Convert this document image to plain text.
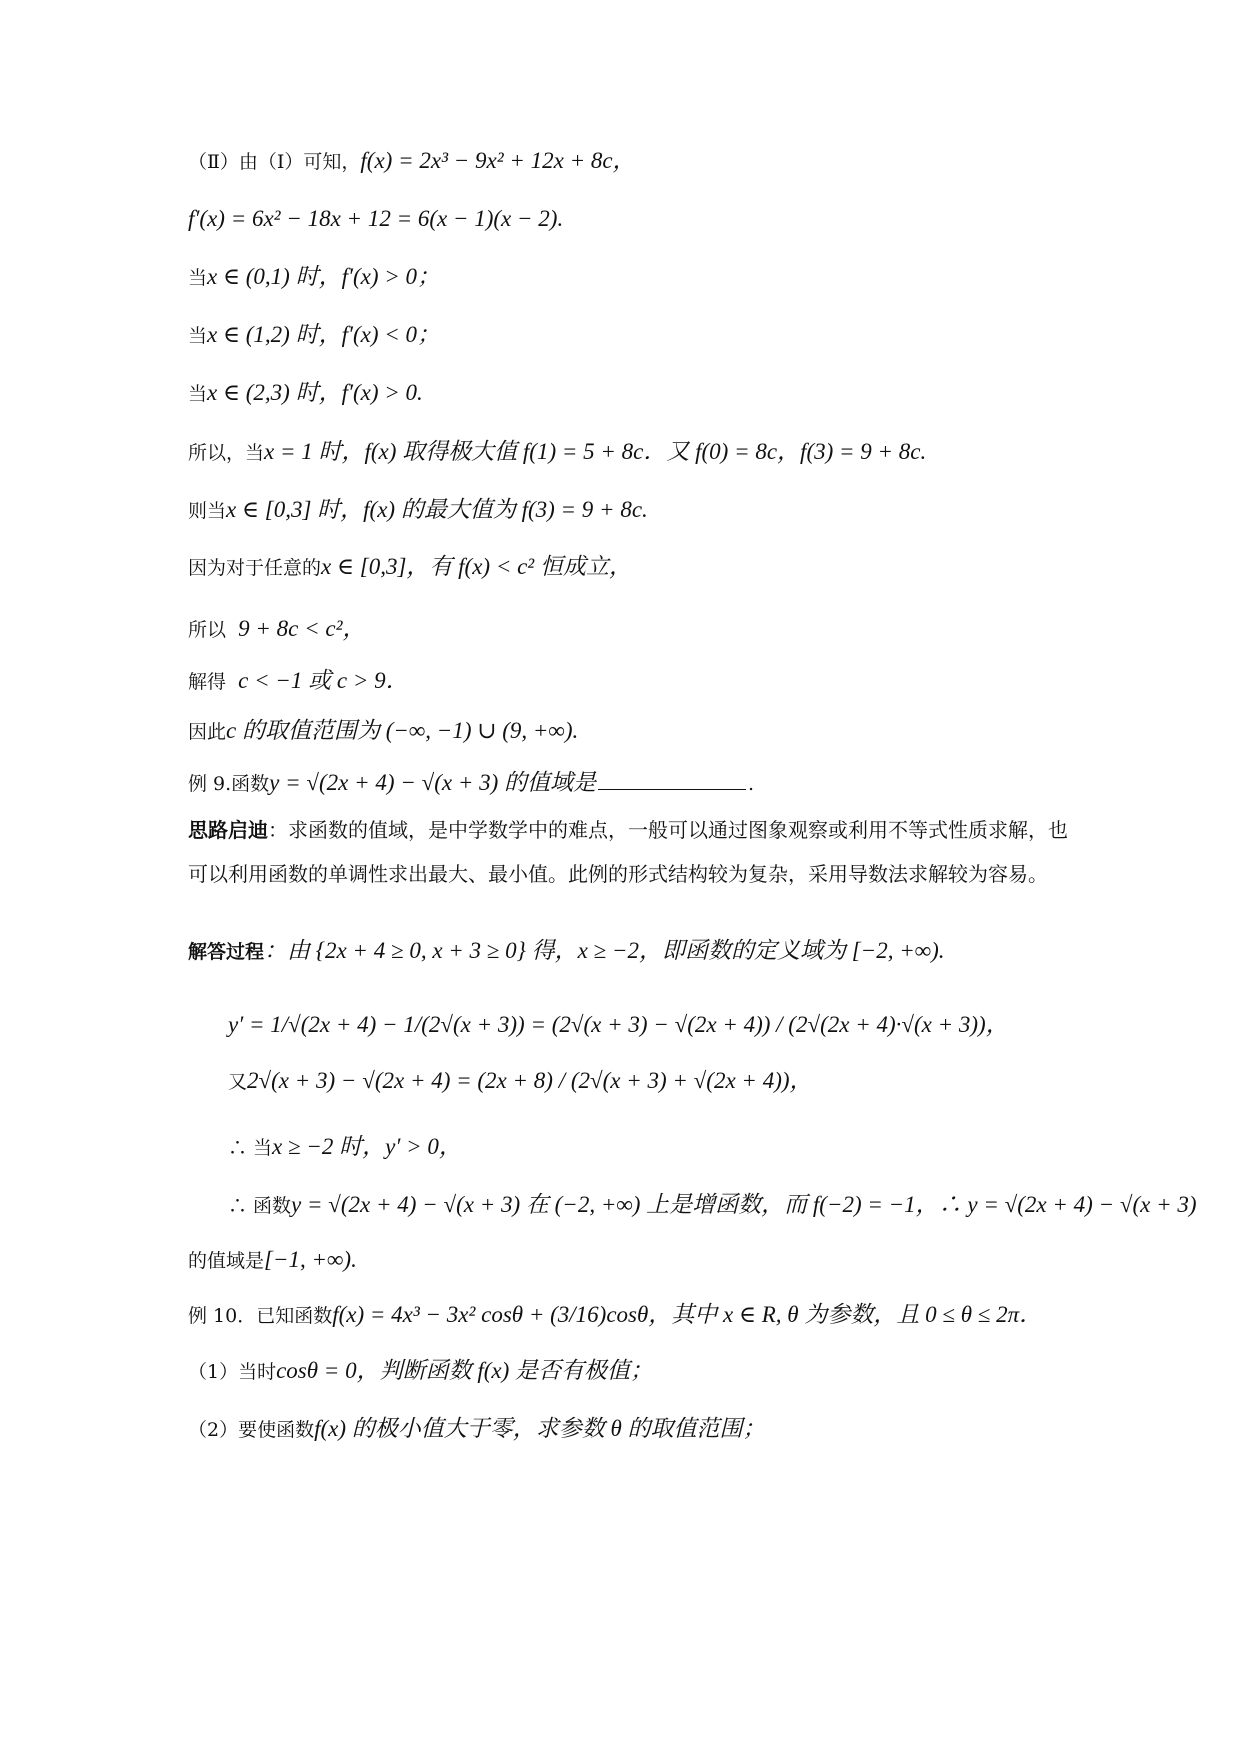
（Ⅱ）由（Ⅰ）可知，f(x) = 2x³ − 9x² + 12x + 8c，
f′(x) = 6x² − 18x + 12 = 6(x − 1)(x − 2).
当x ∈ (0,1) 时，f′(x) > 0；
当x ∈ (1,2) 时，f′(x) < 0；
当x ∈ (2,3) 时，f′(x) > 0.
所以，当x = 1 时，f(x) 取得极大值 f(1) = 5 + 8c．又 f(0) = 8c，f(3) = 9 + 8c.
则当x ∈ [0,3] 时，f(x) 的最大值为 f(3) = 9 + 8c.
因为对于任意的x ∈ [0,3]，有 f(x) < c² 恒成立，
所以 9 + 8c < c²，
解得 c < −1 或 c > 9．
因此c 的取值范围为 (−∞, −1) ∪ (9, +∞).
例 9.函数y = √(2x + 4) − √(x + 3) 的值域是	.
思路启迪：求函数的值域，是中学数学中的难点，一般可以通过图象观察或利用不等式性质求解，也可以利用函数的单调性求出最大、最小值。此例的形式结构较为复杂，采用导数法求解较为容易。
解答过程：由 {2x + 4 ≥ 0, x + 3 ≥ 0} 得，x ≥ −2，即函数的定义域为 [−2, +∞).
y′ = 1/√(2x + 4) − 1/(2√(x + 3)) = (2√(x + 3) − √(2x + 4)) / (2√(2x + 4)·√(x + 3))，
又2√(x + 3) − √(2x + 4) = (2x + 8) / (2√(x + 3) + √(2x + 4))，
∴ 当x ≥ −2 时，y′ > 0，
∴ 函数y = √(2x + 4) − √(x + 3) 在 (−2, +∞) 上是增函数，而 f(−2) = −1，∴ y = √(2x + 4) − √(x + 3)
的值域是[−1, +∞).
例 10．已知函数f(x) = 4x³ − 3x² cosθ + (3/16)cosθ，其中 x ∈ R, θ 为参数，且 0 ≤ θ ≤ 2π．
（1）当时cosθ = 0，判断函数 f(x) 是否有极值；
（2）要使函数f(x) 的极小值大于零，求参数 θ 的取值范围；
